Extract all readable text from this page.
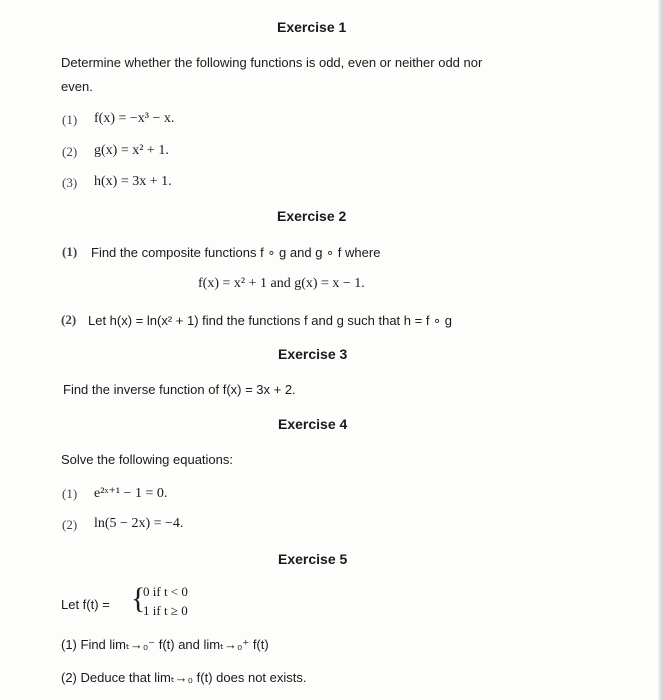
Exercise 1
Determine whether the following functions is odd, even or neither odd nor
even.
(1) f(x) = −x³ − x.
(2) g(x) = x² + 1.
(3) h(x) = 3x + 1.
Exercise 2
(1) Find the composite functions f ∘ g and g ∘ f where
f(x) = x² + 1 and g(x) = x − 1.
(2) Let h(x) = ln(x² + 1) find the functions f and g such that h = f ∘ g
Exercise 3
Find the inverse function of f(x) = 3x + 2.
Exercise 4
Solve the following equations:
(1) e²ˣ⁺¹ − 1 = 0.
(2) ln(5 − 2x) = −4.
Exercise 5
Let f(t) = {
0 if t < 0
1 if t ≥ 0
(1) Find limₜ→₀⁻ f(t) and limₜ→₀⁺ f(t)
(2) Deduce that limₜ→₀ f(t) does not exists.
